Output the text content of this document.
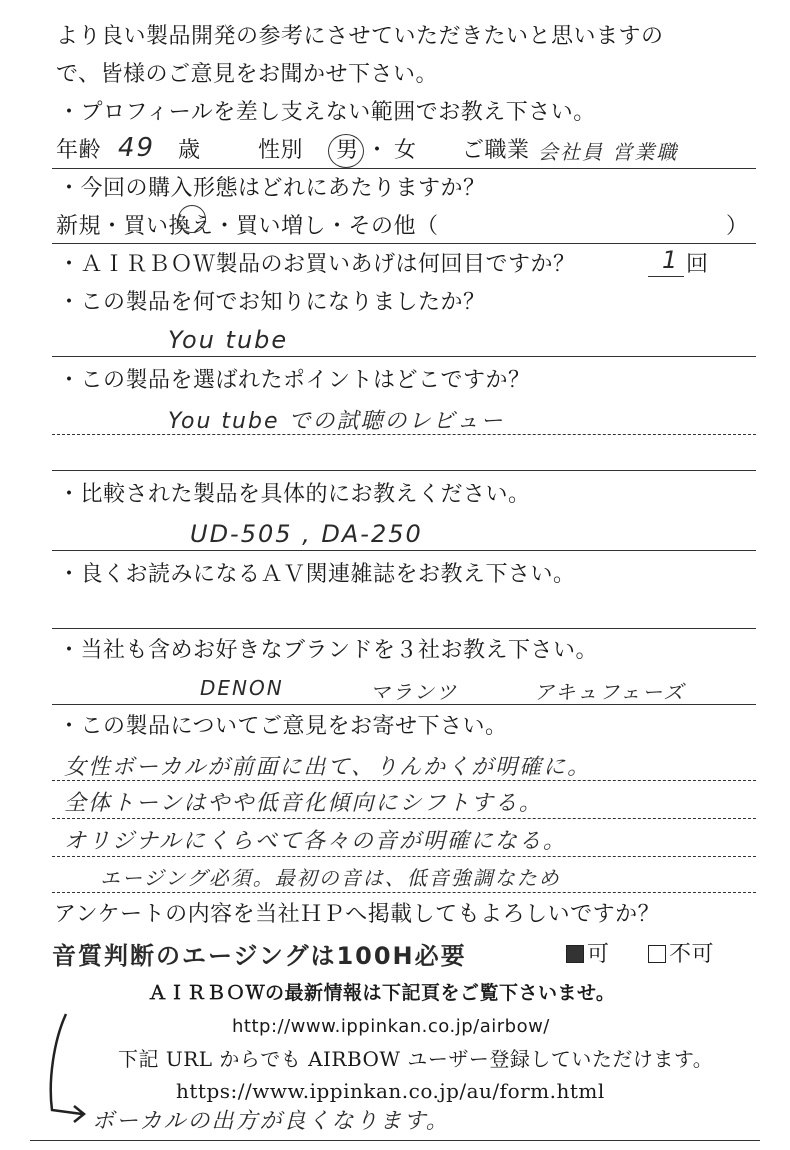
より良い製品開発の参考にさせていただきたいと思いますの
で、皆様のご意見をお聞かせ下さい。
・プロフィールを差し支えない範囲でお教え下さい。
年齢 49 歳	性別 男 ・ 女 ご職業 会社員 営業職
・今回の購入形態はどれにあたりますか？
新規・買い換え・買い増し・その他（	）
・ＡＩＲＢＯＷ製品のお買いあげは何回目ですか？	1 回
・この製品を何でお知りになりましたか？
You tube
・この製品を選ばれたポイントはどこですか？
You tube での試聴のレビュー
・比較された製品を具体的にお教えください。
UD-505 , DA-250
・良くお読みになるＡＶ関連雑誌をお教え下さい。
・当社も含めお好きなブランドを３社お教え下さい。
DENON	マランツ	アキュフェーズ
・この製品についてご意見をお寄せ下さい。
女性ボーカルが前面に出て、りんかくが明確に。
全体トーンはやや低音化傾向にシフトする。
オリジナルにくらべて各々の音が明確になる。
エージング必須。最初の音は、低音強調なため
アンケートの内容を当社ＨＰへ掲載してもよろしいですか？
音質判断のエージングは100H必要	可	不可
ＡＩＲＢＯＷの最新情報は下記頁をご覧下さいませ。
http://www.ippinkan.co.jp/airbow/
下記 URL からでも AIRBOW ユーザー登録していただけます。
https://www.ippinkan.co.jp/au/form.html
ボーカルの出方が良くなります。
